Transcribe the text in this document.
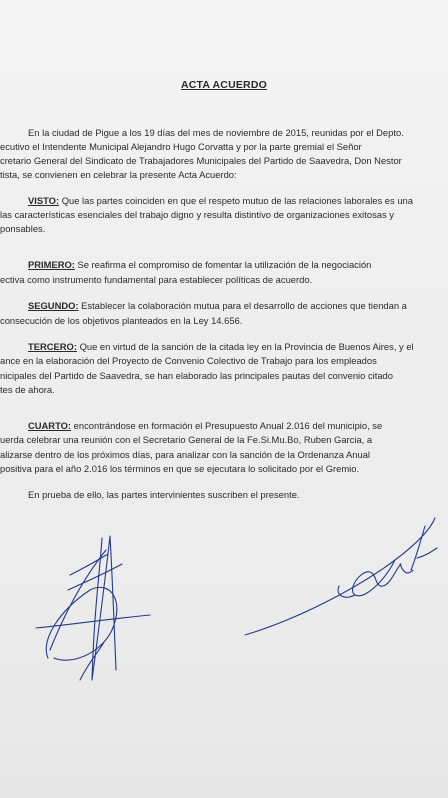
ACTA ACUERDO
En la ciudad de Pigue a los 19 días del mes de noviembre de 2015, reunidas por el Depto.
ecutivo el Intendente Municipal Alejandro Hugo Corvatta y por la parte gremial el Señor
cretario General del Sindicato de Trabajadores Municipales del Partido de Saavedra, Don Nestor
tista, se convienen en celebrar la presente Acta Acuerdo:
VISTO: Que las partes coinciden en que el respeto mutuo de las relaciones laborales es una
las características esenciales del trabajo digno y resulta distintivo de organizaciones exitosas y
ponsables.
PRIMERO: Se reafirma el compromiso de fomentar la utilización de la negociación
ectiva como instrumento fundamental para establecer políticas de acuerdo.
SEGUNDO: Establecer la colaboración mutua para el desarrollo de acciones que tiendan a
consecución de los objetivos planteados en la Ley 14.656.
TERCERO: Que en virtud de la sanción de la citada ley en la Provincia de Buenos Aires, y el
ance en la elaboración del Proyecto de Convenio Colectivo de Trabajo para los empleados
nicipales del Partido de Saavedra, se han elaborado las principales pautas del convenio citado
tes de ahora.
CUARTO: encontrándose en formación el Presupuesto Anual 2.016 del municipio, se
uerda celebrar una reunión con el Secretario General de la Fe.Si.Mu.Bo, Ruben Garcia, a
alizarse dentro de los próximos días, para analizar con la sanción de la Ordenanza Anual
positiva para el año 2.016 los términos en que se ejecutara lo solicitado por el Gremio.
En prueba de ello, las partes intervinientes suscriben el presente.
